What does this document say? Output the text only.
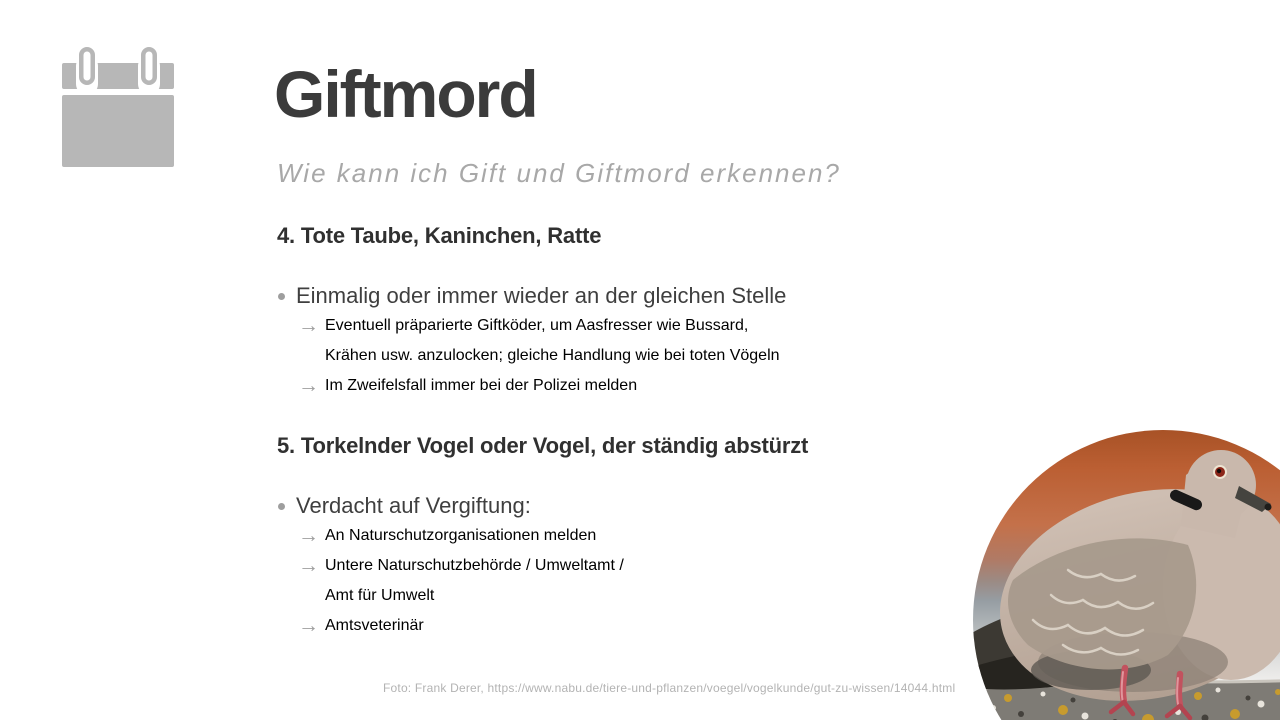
Giftmord
Wie kann ich Gift und Giftmord erkennen?
4. Tote Taube, Kaninchen, Ratte
Einmalig oder immer wieder an der gleichen Stelle
→ Eventuell präparierte Giftköder, um Aasfresser wie Bussard,
Krähen usw. anzulocken; gleiche Handlung wie bei toten Vögeln
→ Im Zweifelsfall immer bei der Polizei melden
5. Torkelnder Vogel oder Vogel, der ständig abstürzt
Verdacht auf Vergiftung:
→ An Naturschutzorganisationen melden
→ Untere Naturschutzbehörde / Umweltamt /
Amt für Umwelt
→ Amtsveterinär
Foto: Frank Derer, https://www.nabu.de/tiere-und-pflanzen/voegel/vogelkunde/gut-zu-wissen/14044.html
